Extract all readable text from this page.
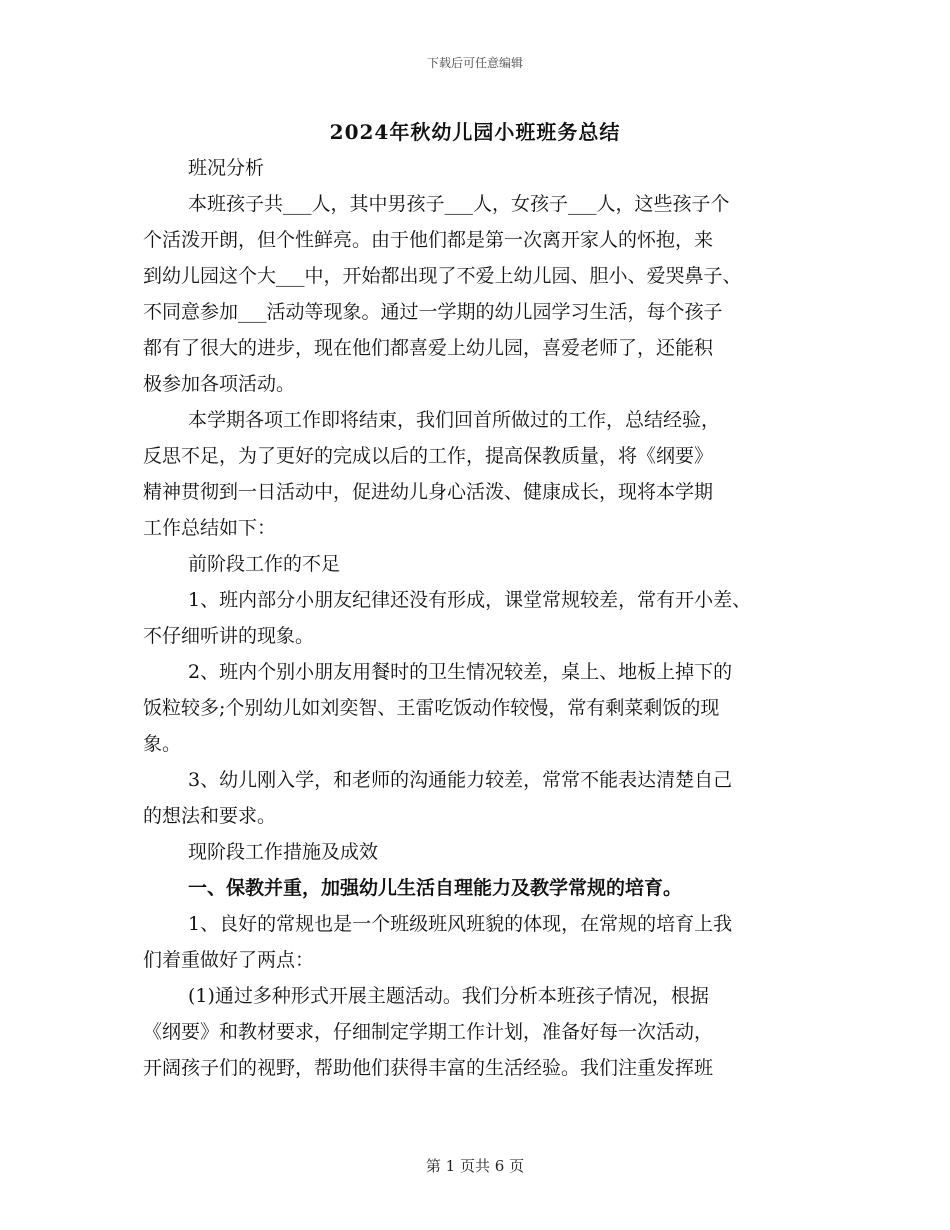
下载后可任意编辑
2024年秋幼儿园小班班务总结

班况分析

本班孩子共___人，其中男孩子___人，女孩子___人，这些孩子个
个活泼开朗，但个性鲜亮。由于他们都是第一次离开家人的怀抱，来
到幼儿园这个大___中，开始都出现了不爱上幼儿园、胆小、爱哭鼻子、
不同意参加___活动等现象。通过一学期的幼儿园学习生活，每个孩子
都有了很大的进步，现在他们都喜爱上幼儿园，喜爱老师了，还能积
极参加各项活动。

本学期各项工作即将结束，我们回首所做过的工作，总结经验，
反思不足，为了更好的完成以后的工作，提高保教质量，将《纲要》
精神贯彻到一日活动中，促进幼儿身心活泼、健康成长，现将本学期
工作总结如下：

前阶段工作的不足

1、班内部分小朋友纪律还没有形成，课堂常规较差，常有开小差、
不仔细听讲的现象。

2、班内个别小朋友用餐时的卫生情况较差，桌上、地板上掉下的
饭粒较多;个别幼儿如刘奕智、王雷吃饭动作较慢，常有剩菜剩饭的现
象。

3、幼儿刚入学，和老师的沟通能力较差，常常不能表达清楚自己
的想法和要求。

现阶段工作措施及成效

一、保教并重，加强幼儿生活自理能力及教学常规的培育。

1、良好的常规也是一个班级班风班貌的体现，在常规的培育上我
们着重做好了两点：

(1)通过多种形式开展主题活动。我们分析本班孩子情况，根据
《纲要》和教材要求，仔细制定学期工作计划，准备好每一次活动，
开阔孩子们的视野，帮助他们获得丰富的生活经验。我们注重发挥班

第 1 页共 6 页
